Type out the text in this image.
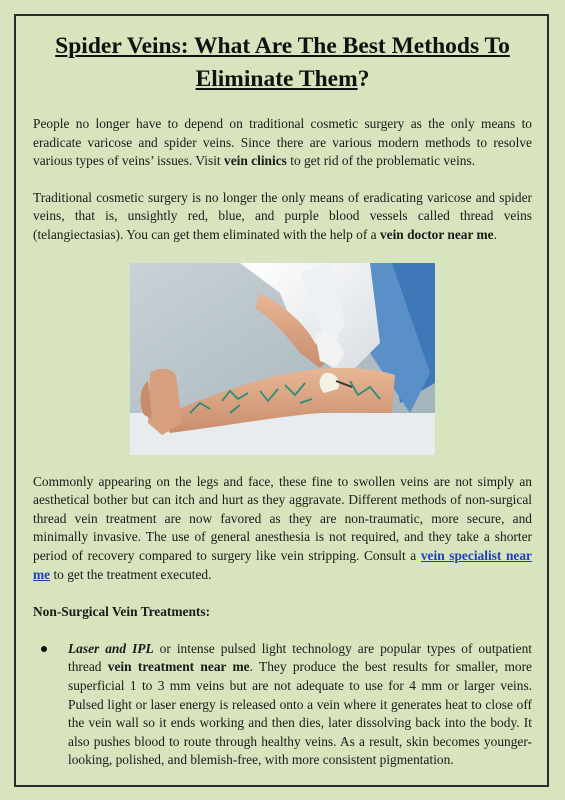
Spider Veins: What Are The Best Methods To
Eliminate Them?

People no longer have to depend on traditional cosmetic surgery as the only means to eradicate varicose and spider veins. Since there are various modern methods to resolve various types of veins’ issues. Visit vein clinics to get rid of the problematic veins.

Traditional cosmetic surgery is no longer the only means of eradicating varicose and spider veins, that is, unsightly red, blue, and purple blood vessels called thread veins (telangiectasias). You can get them eliminated with the help of a vein doctor near me.

Commonly appearing on the legs and face, these fine to swollen veins are not simply an aesthetical bother but can itch and hurt as they aggravate. Different methods of non-surgical thread vein treatment are now favored as they are non-traumatic, more secure, and minimally invasive. The use of general anesthesia is not required, and they take a shorter period of recovery compared to surgery like vein stripping. Consult a vein specialist near me to get the treatment executed.

Non-Surgical Vein Treatments:
Laser and IPL or intense pulsed light technology are popular types of outpatient thread vein treatment near me. They produce the best results for smaller, more superficial 1 to 3 mm veins but are not adequate to use for 4 mm or larger veins. Pulsed light or laser energy is released onto a vein where it generates heat to close off the vein wall so it ends working and then dies, later dissolving back into the body. It also pushes blood to route through healthy veins. As a result, skin becomes younger-looking, polished, and blemish-free, with more consistent pigmentation.
